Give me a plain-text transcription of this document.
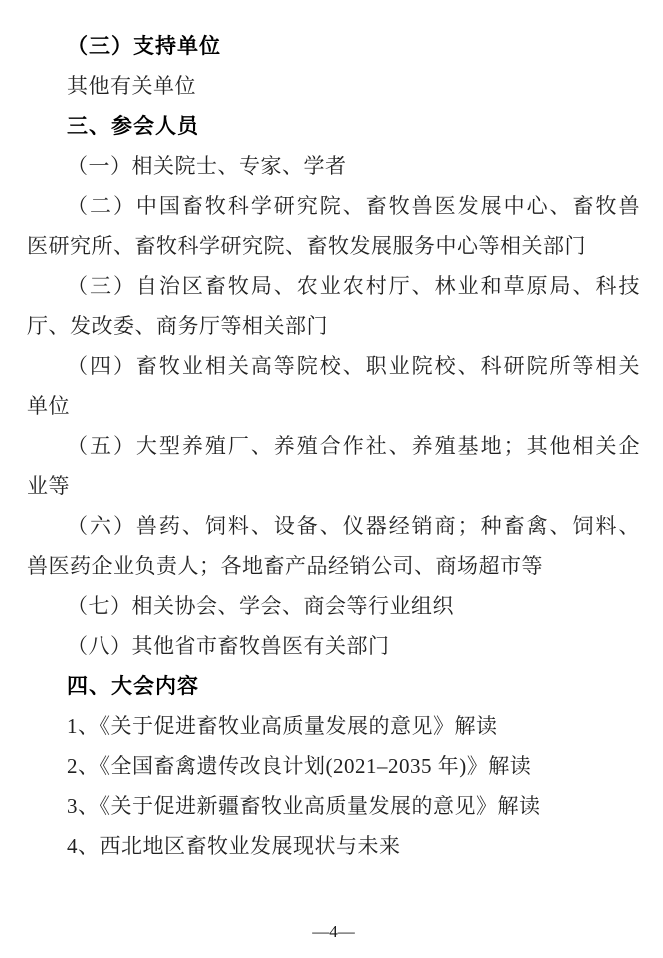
（三）支持单位
其他有关单位
三、参会人员
（一）相关院士、专家、学者
（二）中国畜牧科学研究院、畜牧兽医发展中心、畜牧兽
医研究所、畜牧科学研究院、畜牧发展服务中心等相关部门
（三）自治区畜牧局、农业农村厅、林业和草原局、科技
厅、发改委、商务厅等相关部门
（四）畜牧业相关高等院校、职业院校、科研院所等相关
单位
（五）大型养殖厂、养殖合作社、养殖基地；其他相关企
业等
（六）兽药、饲料、设备、仪器经销商；种畜禽、饲料、
兽医药企业负责人；各地畜产品经销公司、商场超市等
（七）相关协会、学会、商会等行业组织
（八）其他省市畜牧兽医有关部门
四、大会内容
1、《关于促进畜牧业高质量发展的意见》解读
2、《全国畜禽遗传改良计划(2021–2035 年)》解读
3、《关于促进新疆畜牧业高质量发展的意见》解读
4、西北地区畜牧业发展现状与未来
—4—
